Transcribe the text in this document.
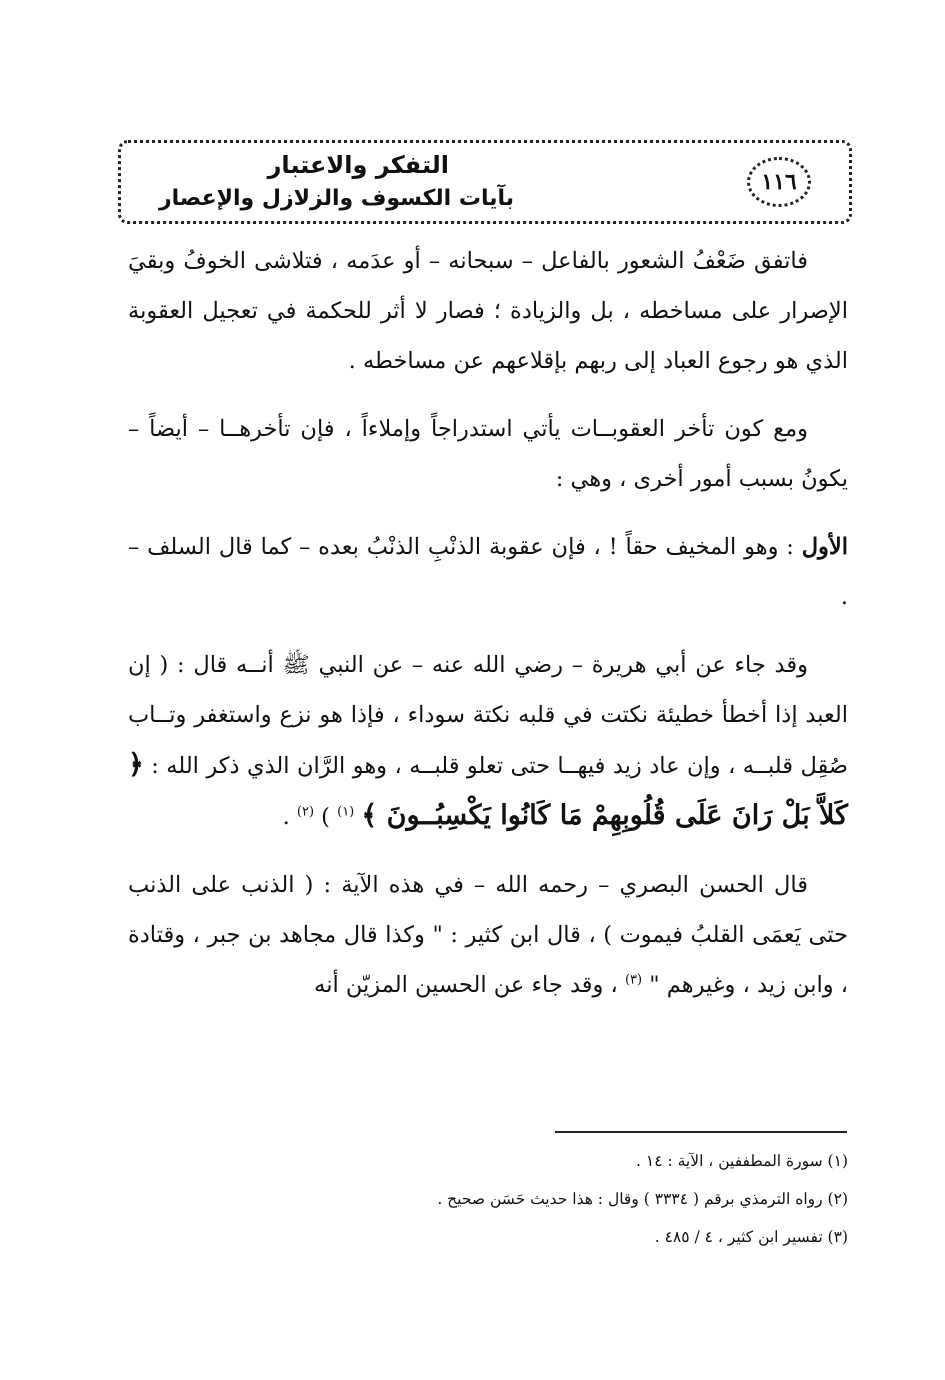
١١٦
التفكر والاعتبار
بآيات الكسوف والزلازل والإعصار

فاتفق ضَعْفُ الشعور بالفاعل – سبحانه – أو عدَمه ، فتلاشى الخوفُ وبقيَ الإصرار على مساخطه ، بل والزيادة ؛ فصار لا أثر للحكمة في تعجيل العقوبة الذي هو رجوع العباد إلى ربهم بإقلاعهم عن مساخطه .

ومع كون تأخر العقوبــات يأتي استدراجاً وإملاءاً ، فإن تأخرهــا – أيضاً – يكونُ بسبب أمور أخرى ، وهي :

الأول : وهو المخيف حقاً ! ، فإن عقوبة الذنْبِ الذنْبُ بعده – كما قال السلف – .

وقد جاء عن أبي هريرة – رضي الله عنه – عن النبي ﷺ أنــه قال : ( إن العبد إذا أخطأ خطيئة نكتت في قلبه نكتة سوداء ، فإذا هو نزع واستغفر وتــاب صُقِل قلبــه ، وإن عاد زيد فيهــا حتى تعلو قلبــه ، وهو الرَّان الذي ذكر الله : ﴿ كَلاَّ بَلْ رَانَ عَلَى قُلُوبِهِمْ مَا كَانُوا يَكْسِبُــونَ ﴾ $^{(١)}$ ) $^{(٢)}$ .

قال الحسن البصري – رحمه الله – في هذه الآية : ( الذنب على الذنب حتى يَعمَى القلبُ فيموت ) ، قال ابن كثير : " وكذا قال مجاهد بن جبر ، وقتادة ، وابن زيد ، وغيرهم " $^{(٣)}$ ، وقد جاء عن الحسين المزيّن أنه

(١) سورة المطففين ، الآية : ١٤ .
(٢) رواه الترمذي برقم ( ٣٣٣٤ ) وقال : هذا حديث حَسَن صحيح .
(٣) تفسير ابن كثير ، ٤ / ٤٨٥ .
